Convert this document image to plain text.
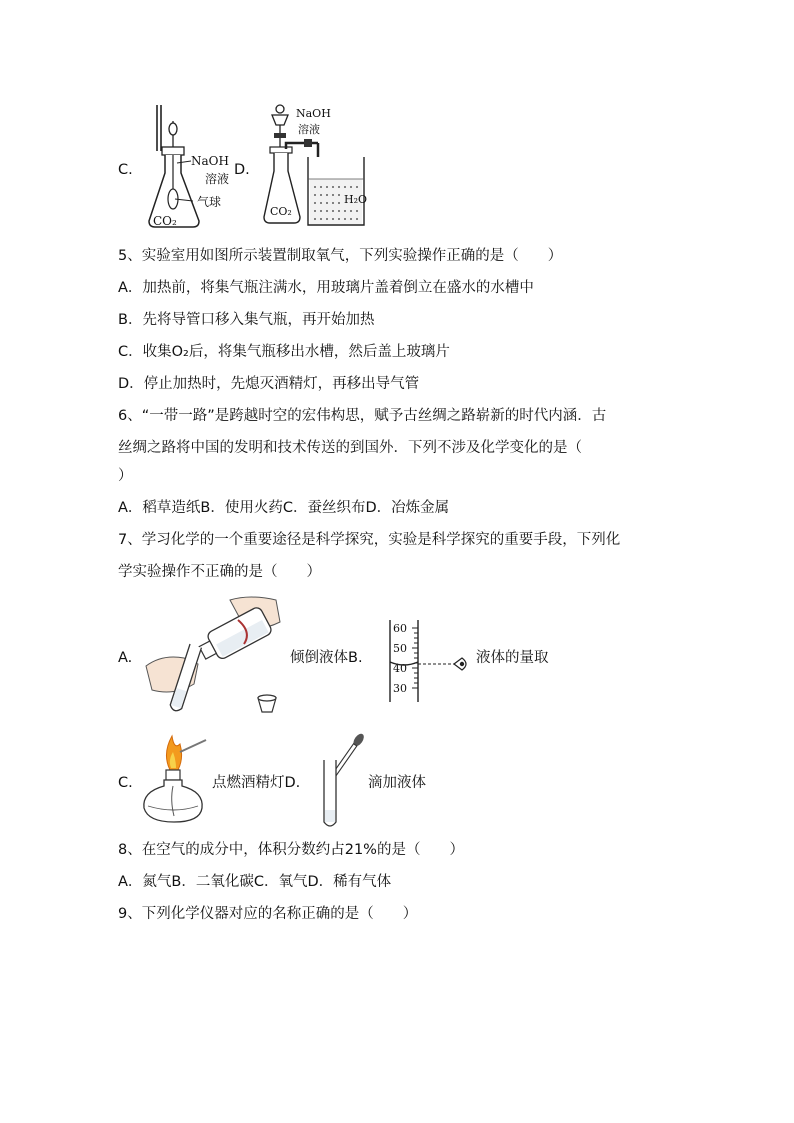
C.
NaOH
溶液
气球
CO₂
D.
NaOH
溶液
CO₂
H₂O
5、实验室用如图所示装置制取氧气，下列实验操作正确的是（　　）
A．加热前，将集气瓶注满水，用玻璃片盖着倒立在盛水的水槽中
B．先将导管口移入集气瓶，再开始加热
C．收集O₂后，将集气瓶移出水槽，然后盖上玻璃片
D．停止加热时，先熄灭酒精灯，再移出导气管
6、“一带一路”是跨越时空的宏伟构思，赋予古丝绸之路崭新的时代内涵．古
丝绸之路将中国的发明和技术传送的到国外．下列不涉及化学变化的是（
）
A．稻草造纸B．使用火药C．蚕丝织布D．冶炼金属
7、学习化学的一个重要途径是科学探究，实验是科学探究的重要手段，下列化
学实验操作不正确的是（　　）
A.	倾倒液体B.
60
50
40
30
液体的量取
C.	点燃酒精灯D.	滴加液体
8、在空气的成分中，体积分数约占21%的是（　　）
A．氮气B．二氧化碳C．氧气D．稀有气体
9、下列化学仪器对应的名称正确的是（　　）
